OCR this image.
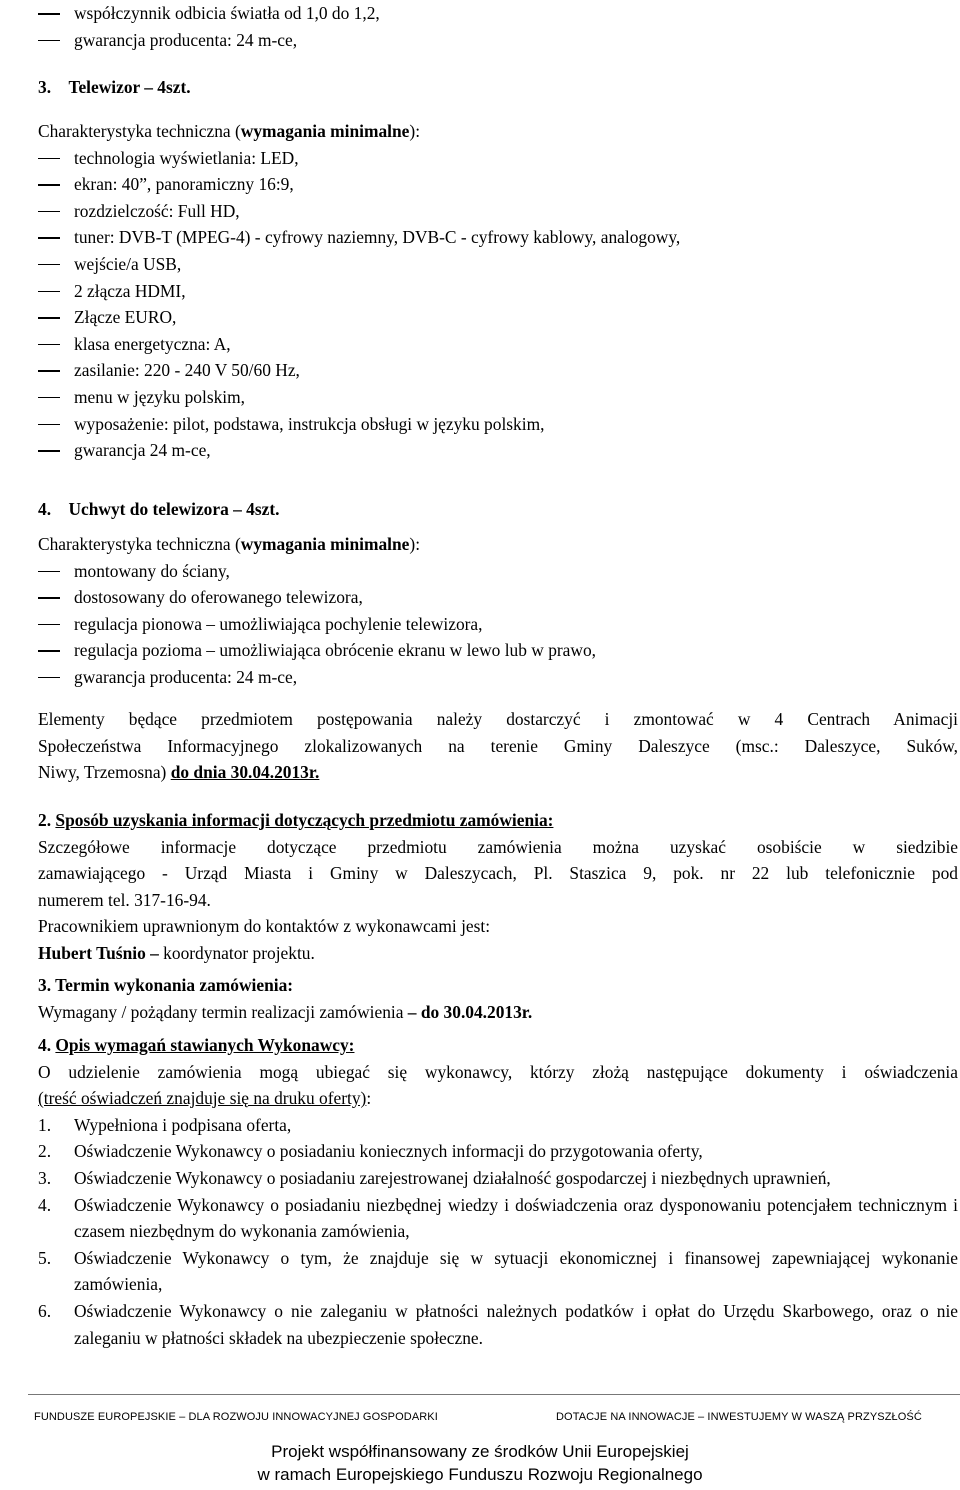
współczynnik odbicia światła od 1,0 do 1,2,
gwarancja producenta: 24 m-ce,
3. Telewizor – 4szt.
Charakterystyka techniczna (wymagania minimalne):
technologia wyświetlania: LED,
ekran: 40”, panoramiczny 16:9,
rozdzielczość: Full HD,
tuner: DVB-T (MPEG-4) - cyfrowy naziemny, DVB-C - cyfrowy kablowy, analogowy,
wejście/a USB,
2 złącza HDMI,
Złącze EURO,
klasa energetyczna: A,
zasilanie: 220 - 240 V 50/60 Hz,
menu w języku polskim,
wyposażenie: pilot, podstawa, instrukcja obsługi w języku polskim,
gwarancja 24 m-ce,
4. Uchwyt do telewizora – 4szt.
Charakterystyka techniczna (wymagania minimalne):
montowany do ściany,
dostosowany do oferowanego telewizora,
regulacja pionowa – umożliwiająca pochylenie telewizora,
regulacja pozioma – umożliwiająca obrócenie ekranu w lewo lub w prawo,
gwarancja producenta: 24 m-ce,
Elementy będące przedmiotem postępowania należy dostarczyć i zmontować w 4 Centrach Animacji
Społeczeństwa Informacyjnego zlokalizowanych na terenie Gminy Daleszyce (msc.: Daleszyce, Suków,
Niwy, Trzemosna) do dnia 30.04.2013r.
2. Sposób uzyskania informacji dotyczących przedmiotu zamówienia:
Szczegółowe informacje dotyczące przedmiotu zamówienia można uzyskać osobiście w siedzibie
zamawiającego - Urząd Miasta i Gminy w Daleszycach, Pl. Staszica 9, pok. nr 22 lub telefonicznie pod
numerem tel. 317-16-94.
Pracownikiem uprawnionym do kontaktów z wykonawcami jest:
Hubert Tuśnio – koordynator projektu.
3. Termin wykonania zamówienia:
Wymagany / pożądany termin realizacji zamówienia – do 30.04.2013r.
4. Opis wymagań stawianych Wykonawcy:
O udzielenie zamówienia mogą ubiegać się wykonawcy, którzy złożą następujące dokumenty i oświadczenia
(treść oświadczeń znajduje się na druku oferty):
1. Wypełniona i podpisana oferta,
2. Oświadczenie Wykonawcy o posiadaniu koniecznych informacji do przygotowania oferty,
3. Oświadczenie Wykonawcy o posiadaniu zarejestrowanej działalność gospodarczej i niezbędnych uprawnień,
4. Oświadczenie Wykonawcy o posiadaniu niezbędnej wiedzy i doświadczenia oraz dysponowaniu potencjałem technicznym i czasem niezbędnym do wykonania zamówienia,
5. Oświadczenie Wykonawcy o tym, że znajduje się w sytuacji ekonomicznej i finansowej zapewniającej wykonanie zamówienia,
6. Oświadczenie Wykonawcy o nie zaleganiu w płatności należnych podatków i opłat do Urzędu Skarbowego, oraz o nie zaleganiu w płatności składek na ubezpieczenie społeczne.
FUNDUSZE EUROPEJSKIE – DLA ROZWOJU INNOWACYJNEJ GOSPODARKI	DOTACJE NA INNOWACJE – INWESTUJEMY W WASZĄ PRZYSZŁOŚĆ
Projekt współfinansowany ze środków Unii Europejskiej
w ramach Europejskiego Funduszu Rozwoju Regionalnego
